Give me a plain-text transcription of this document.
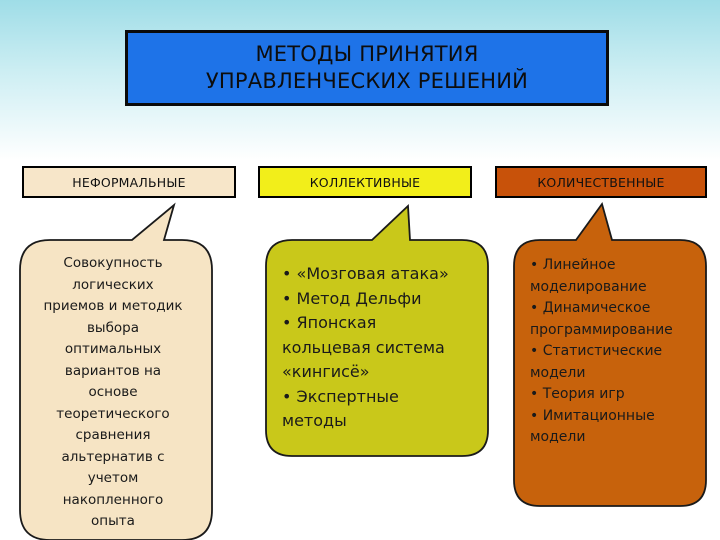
МЕТОДЫ ПРИНЯТИЯ
УПРАВЛЕНЧЕСКИХ РЕШЕНИЙ
НЕФОРМАЛЬНЫЕ	КОЛЛЕКТИВНЫЕ	КОЛИЧЕСТВЕННЫЕ
Совокупность
логических
приемов и методик
выбора
оптимальных
вариантов на
основе
теоретического
сравнения
альтернатив с
учетом
накопленного
опыта
• «Мозговая атака»
• Метод Дельфи
• Японская
кольцевая система
«кингисё»
• Экспертные
методы
• Линейное
моделирование
• Динамическое
программирование
• Статистические
модели
• Теория игр
• Имитационные
модели
